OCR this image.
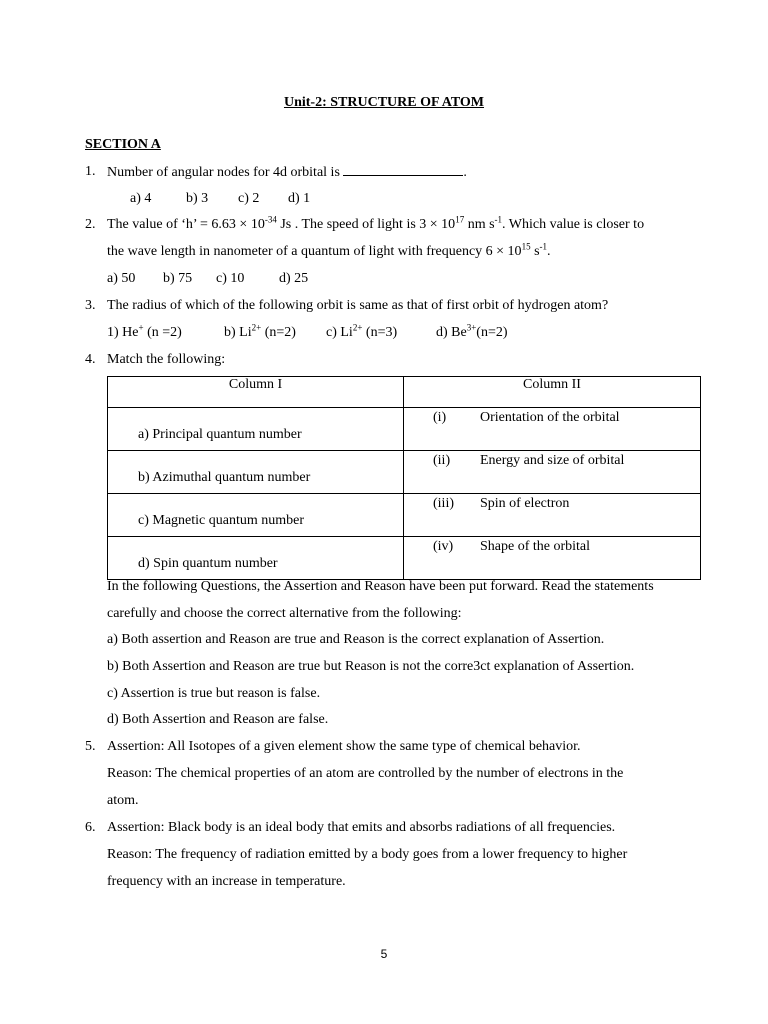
Unit-2: STRUCTURE OF ATOM
SECTION A
1. Number of angular nodes for 4d orbital is	.
a) 4 b) 3 c) 2 d) 1
2. The value of ‘h’ = $6.63 \times 10^{-34}$ Js . The speed of light is $3 \times 10^{17}$ nm $s^{-1}$. Which value is closer to
the wave length in nanometer of a quantum of light with frequency $6 \times 10^{15}$ $s^{-1}$.
a) 50 b) 75 c) 10 d) 25
3. The radius of which of the following orbit is same as that of first orbit of hydrogen atom?
1) He+ (n =2)	b) $Li^{2+}$ (n=2) c) $Li^{2+}$ (n=3)	d) $Be^{3+}(n=2)$
4. Match the following:
Column I	Column II

a) Principal quantum number	(i) Orientation of the orbital

b) Azimuthal quantum number	(ii) Energy and size of orbital

c) Magnetic quantum number	(iii) Spin of electron

d) Spin quantum number	(iv) Shape of the orbital
In the following Questions, the Assertion and Reason have been put forward. Read the statements
carefully and choose the correct alternative from the following:
a) Both assertion and Reason are true and Reason is the correct explanation of Assertion.
b) Both Assertion and Reason are true but Reason is not the corre3ct explanation of Assertion.
c) Assertion is true but reason is false.
d) Both Assertion and Reason are false.
5. Assertion: All Isotopes of a given element show the same type of chemical behavior.
Reason: The chemical properties of an atom are controlled by the number of electrons in the
atom.
6. Assertion: Black body is an ideal body that emits and absorbs radiations of all frequencies.
Reason: The frequency of radiation emitted by a body goes from a lower frequency to higher
frequency with an increase in temperature.
5
